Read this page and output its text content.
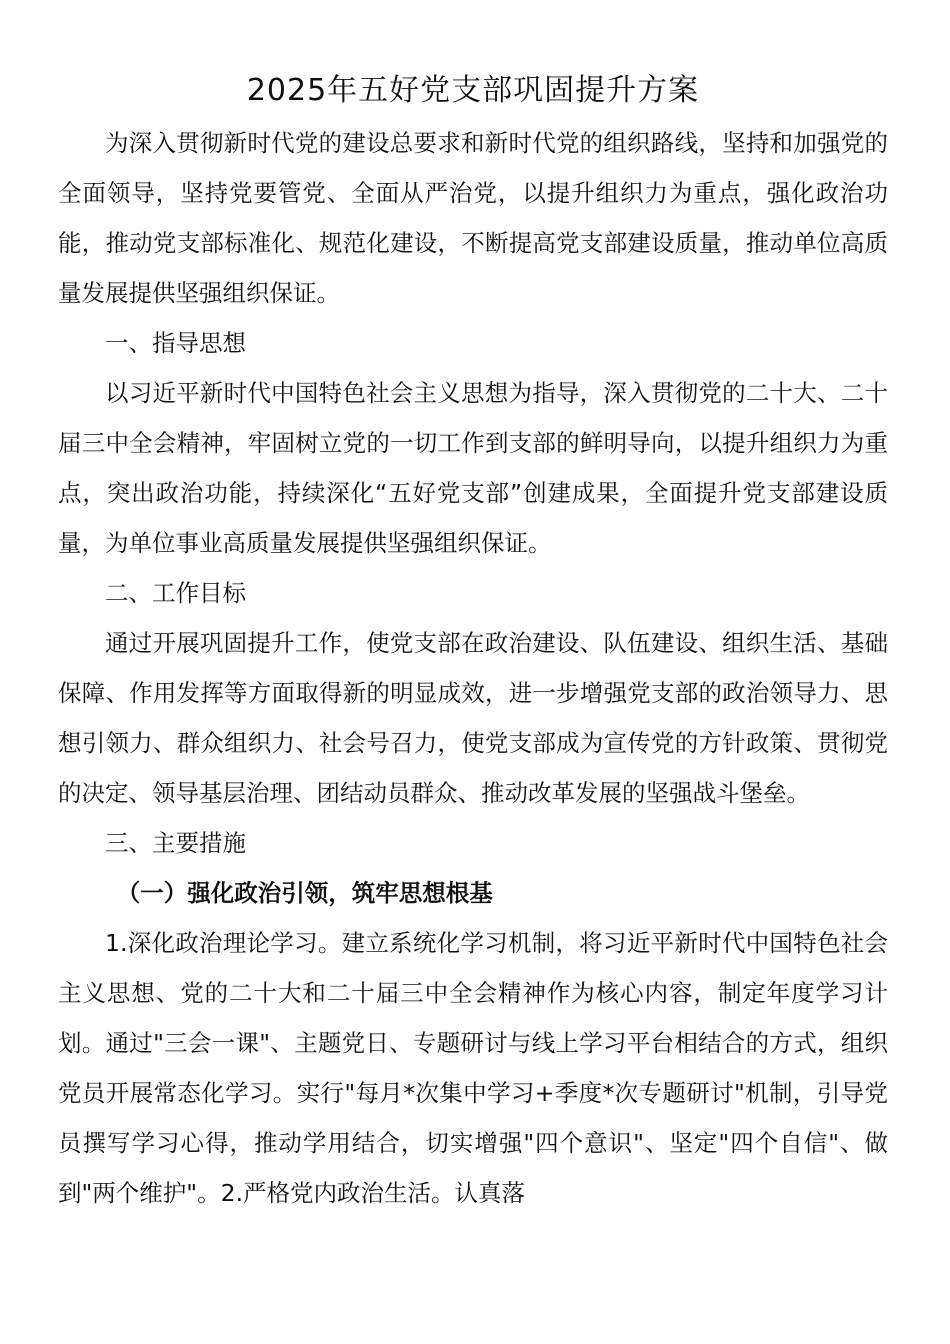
2025年五好党支部巩固提升方案

为深入贯彻新时代党的建设总要求和新时代党的组织路线，坚持和加强党的全面领导，坚持党要管党、全面从严治党，以提升组织力为重点，强化政治功能，推动党支部标准化、规范化建设，不断提高党支部建设质量，推动单位高质量发展提供坚强组织保证。

一、指导思想

以习近平新时代中国特色社会主义思想为指导，深入贯彻党的二十大、二十届三中全会精神，牢固树立党的一切工作到支部的鲜明导向，以提升组织力为重点，突出政治功能，持续深化“五好党支部”创建成果，全面提升党支部建设质量，为单位事业高质量发展提供坚强组织保证。

二、工作目标

通过开展巩固提升工作，使党支部在政治建设、队伍建设、组织生活、基础保障、作用发挥等方面取得新的明显成效，进一步增强党支部的政治领导力、思想引领力、群众组织力、社会号召力，使党支部成为宣传党的方针政策、贯彻党的决定、领导基层治理、团结动员群众、推动改革发展的坚强战斗堡垒。

三、主要措施

（一）强化政治引领，筑牢思想根基

1.深化政治理论学习。建立系统化学习机制，将习近平新时代中国特色社会主义思想、党的二十大和二十届三中全会精神作为核心内容，制定年度学习计划。通过"三会一课"、主题党日、专题研讨与线上学习平台相结合的方式，组织党员开展常态化学习。实行"每月*次集中学习+季度*次专题研讨"机制，引导党员撰写学习心得，推动学用结合，切实增强"四个意识"、坚定"四个自信"、做到"两个维护"。2.严格党内政治生活。认真落
